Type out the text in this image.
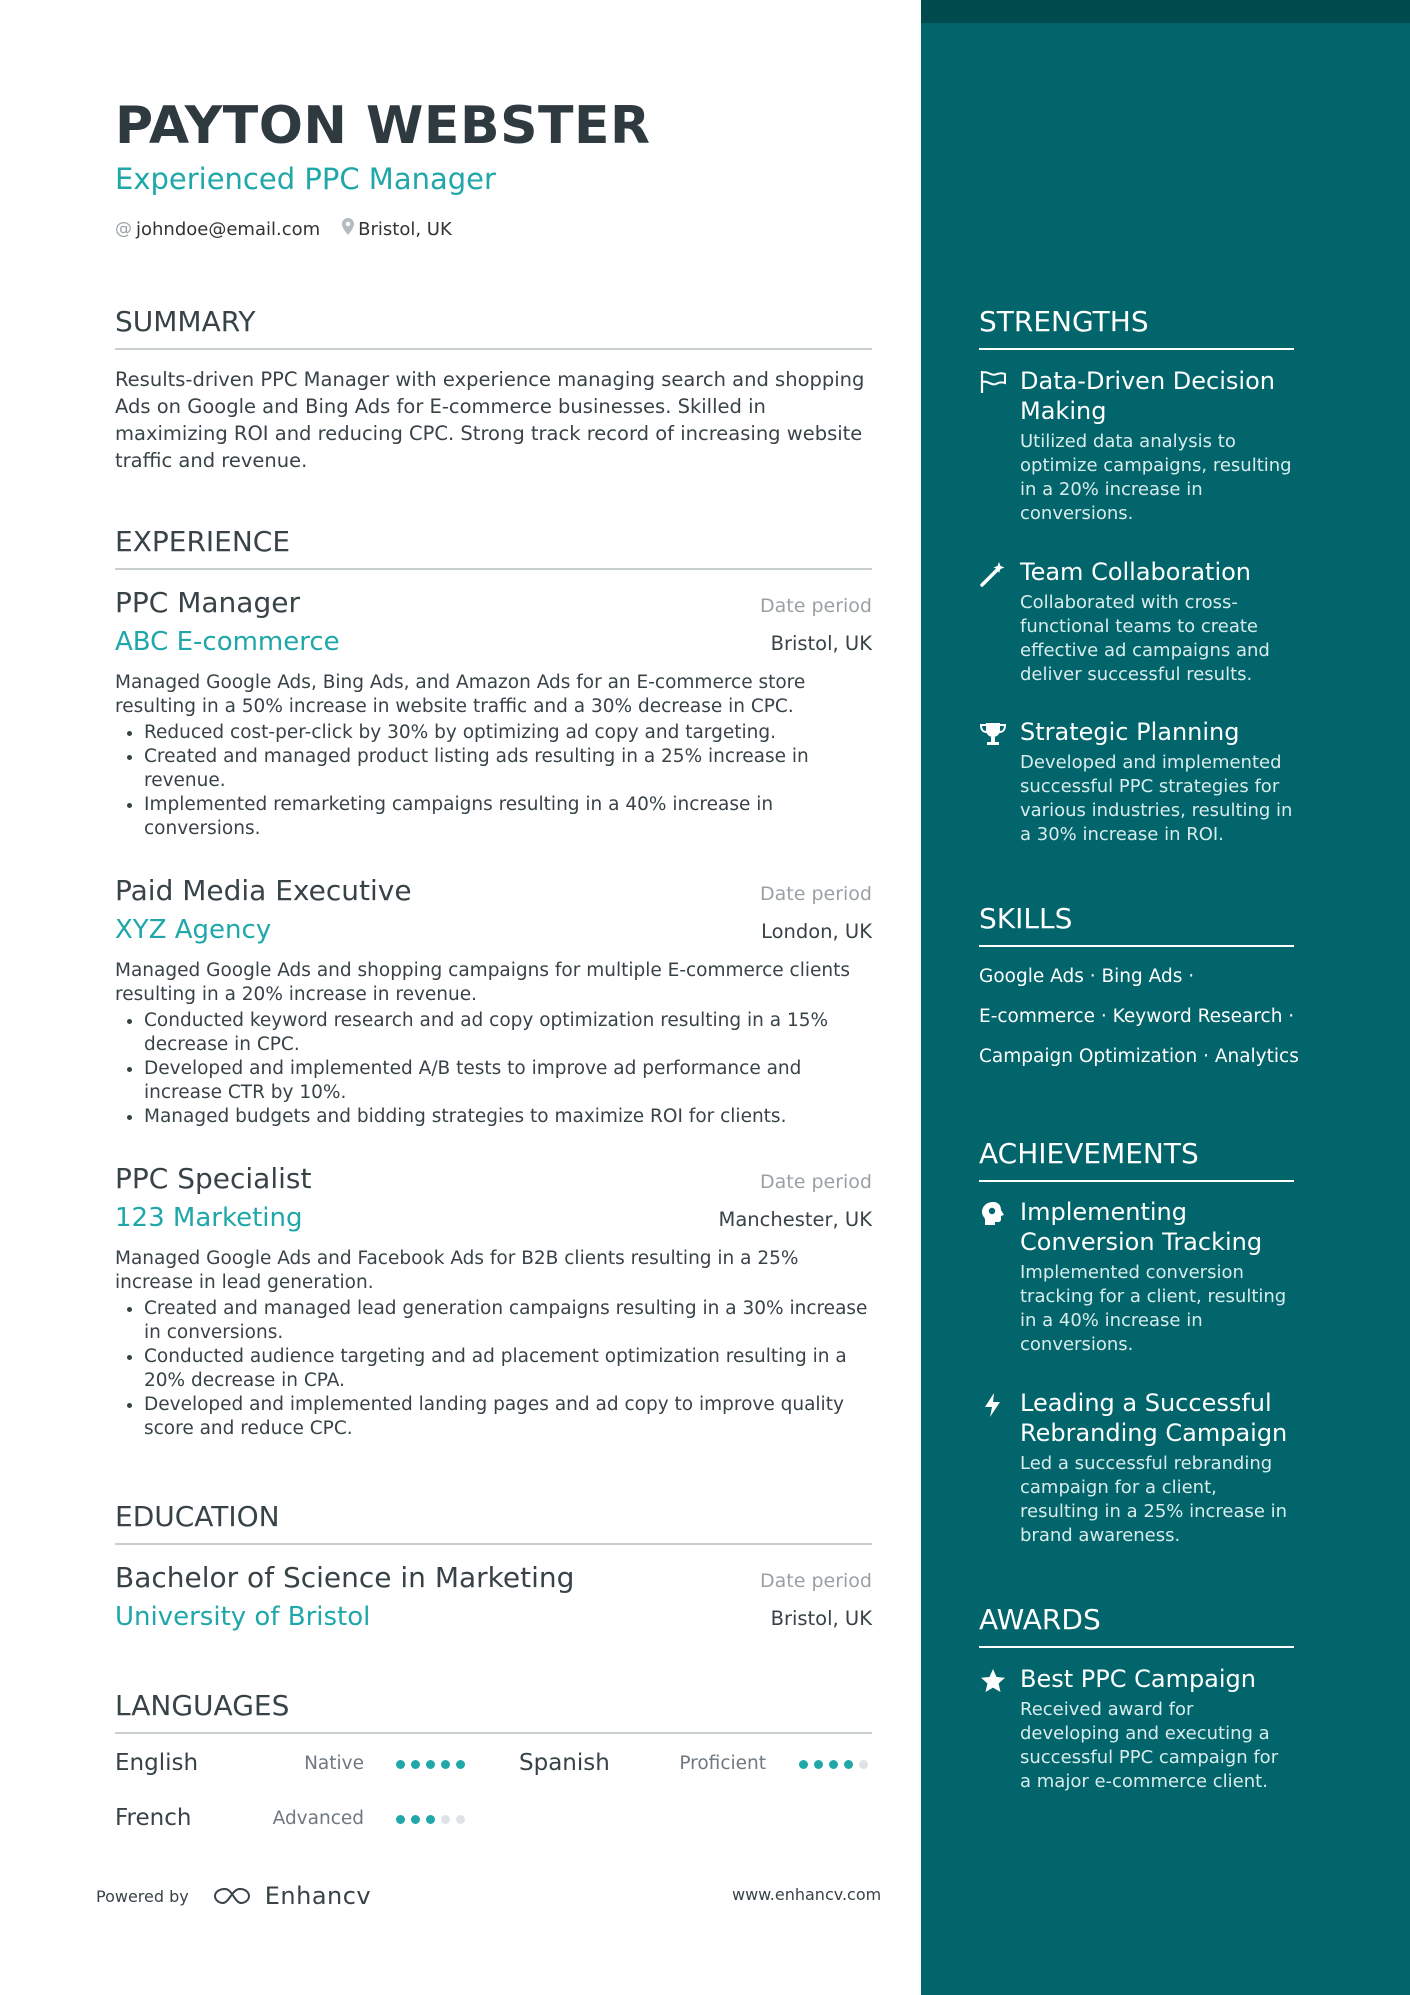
PAYTON WEBSTER
Experienced PPC Manager
@ johndoe@email.com Bristol, UK
SUMMARY
Results-driven PPC Manager with experience managing search and shopping Ads on Google and Bing Ads for E-commerce businesses. Skilled in maximizing ROI and reducing CPC. Strong track record of increasing website traffic and revenue.
EXPERIENCE
PPC Manager	Date period
ABC E-commerce	Bristol, UK
Managed Google Ads, Bing Ads, and Amazon Ads for an E-commerce store resulting in a 50% increase in website traffic and a 30% decrease in CPC.
• Reduced cost-per-click by 30% by optimizing ad copy and targeting.
• Created and managed product listing ads resulting in a 25% increase in revenue.
• Implemented remarketing campaigns resulting in a 40% increase in conversions.
Paid Media Executive	Date period
XYZ Agency	London, UK
Managed Google Ads and shopping campaigns for multiple E-commerce clients resulting in a 20% increase in revenue.
• Conducted keyword research and ad copy optimization resulting in a 15% decrease in CPC.
• Developed and implemented A/B tests to improve ad performance and increase CTR by 10%.
• Managed budgets and bidding strategies to maximize ROI for clients.
PPC Specialist	Date period
123 Marketing	Manchester, UK
Managed Google Ads and Facebook Ads for B2B clients resulting in a 25% increase in lead generation.
• Created and managed lead generation campaigns resulting in a 30% increase in conversions.
• Conducted audience targeting and ad placement optimization resulting in a 20% decrease in CPA.
• Developed and implemented landing pages and ad copy to improve quality score and reduce CPC.
EDUCATION
Bachelor of Science in Marketing	Date period
University of Bristol	Bristol, UK
LANGUAGES
English	Native	Spanish	Proficient
French	Advanced
Powered by	Enhancv	www.enhancv.com
STRENGTHS
Data-Driven Decision Making
Utilized data analysis to optimize campaigns, resulting in a 20% increase in conversions.
Team Collaboration
Collaborated with cross-functional teams to create effective ad campaigns and deliver successful results.
Strategic Planning
Developed and implemented successful PPC strategies for various industries, resulting in a 30% increase in ROI.
SKILLS
Google Ads · Bing Ads ·
E-commerce · Keyword Research ·
Campaign Optimization · Analytics
ACHIEVEMENTS
Implementing Conversion Tracking
Implemented conversion tracking for a client, resulting in a 40% increase in conversions.
Leading a Successful Rebranding Campaign
Led a successful rebranding campaign for a client, resulting in a 25% increase in brand awareness.
AWARDS
Best PPC Campaign
Received award for developing and executing a successful PPC campaign for a major e-commerce client.
